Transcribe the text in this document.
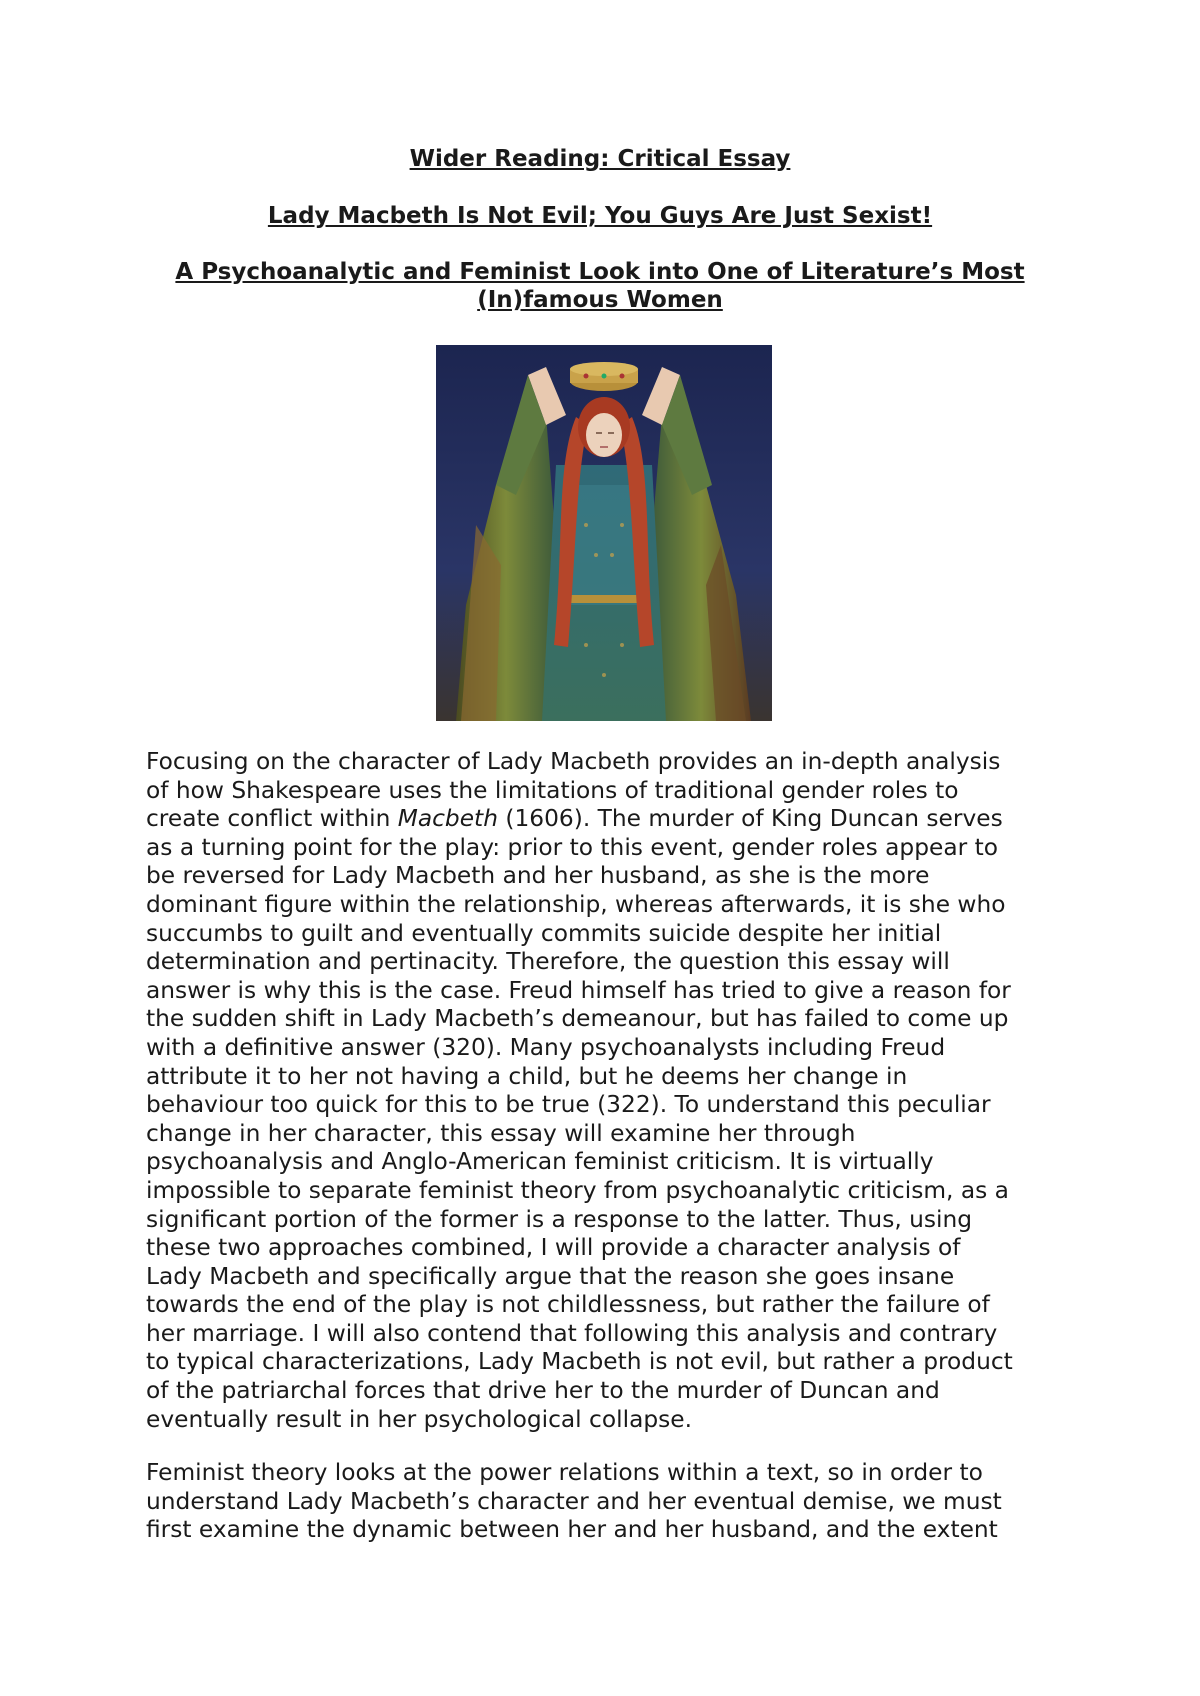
Wider Reading: Critical Essay
Lady Macbeth Is Not Evil; You Guys Are Just Sexist!
A Psychoanalytic and Feminist Look into One of Literature’s Most
(In)famous Women
Focusing on the character of Lady Macbeth provides an in-depth analysis
of how Shakespeare uses the limitations of traditional gender roles to
create conflict within Macbeth (1606). The murder of King Duncan serves
as a turning point for the play: prior to this event, gender roles appear to
be reversed for Lady Macbeth and her husband, as she is the more
dominant figure within the relationship, whereas afterwards, it is she who
succumbs to guilt and eventually commits suicide despite her initial
determination and pertinacity. Therefore, the question this essay will
answer is why this is the case. Freud himself has tried to give a reason for
the sudden shift in Lady Macbeth’s demeanour, but has failed to come up
with a definitive answer (320). Many psychoanalysts including Freud
attribute it to her not having a child, but he deems her change in
behaviour too quick for this to be true (322). To understand this peculiar
change in her character, this essay will examine her through
psychoanalysis and Anglo-American feminist criticism. It is virtually
impossible to separate feminist theory from psychoanalytic criticism, as a
significant portion of the former is a response to the latter. Thus, using
these two approaches combined, I will provide a character analysis of
Lady Macbeth and specifically argue that the reason she goes insane
towards the end of the play is not childlessness, but rather the failure of
her marriage. I will also contend that following this analysis and contrary
to typical characterizations, Lady Macbeth is not evil, but rather a product
of the patriarchal forces that drive her to the murder of Duncan and
eventually result in her psychological collapse.
Feminist theory looks at the power relations within a text, so in order to
understand Lady Macbeth’s character and her eventual demise, we must
first examine the dynamic between her and her husband, and the extent
